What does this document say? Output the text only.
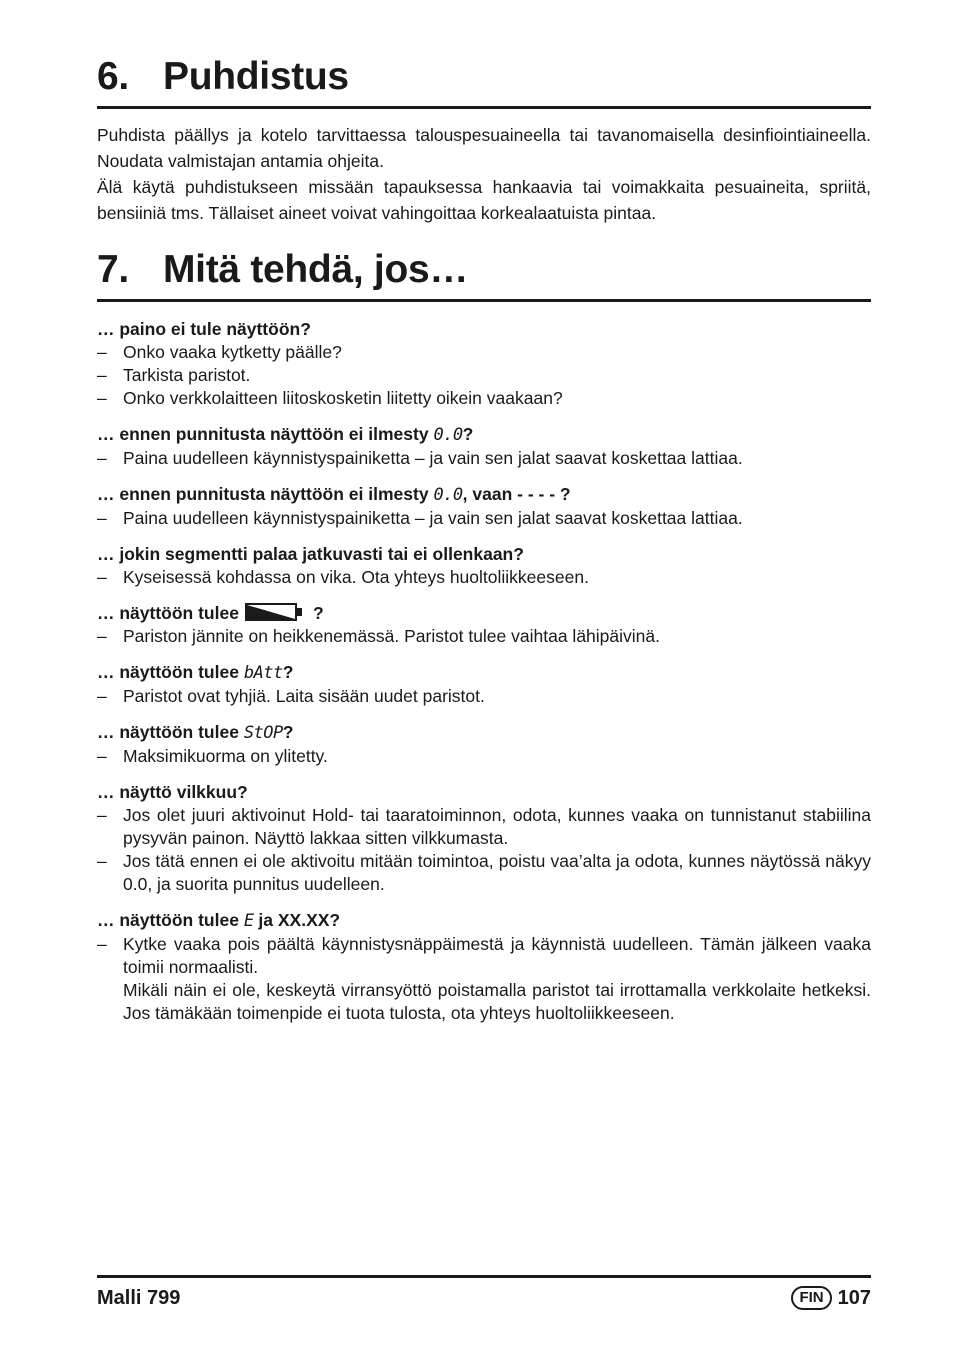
6. Puhdistus

Puhdista päällys ja kotelo tarvittaessa talouspesuaineella tai tavanomaisella desinfiointiaineella. Noudata valmistajan antamia ohjeita.

Älä käytä puhdistukseen missään tapauksessa hankaavia tai voimakkaita pesuaineita, spriitä, bensiiniä tms. Tällaiset aineet voivat vahingoittaa korkealaatuista pintaa.

7. Mitä tehdä, jos…
… paino ei tule näyttöön?
– Onko vaaka kytketty päälle?
– Tarkista paristot.
– Onko verkkolaitteen liitoskosketin liitetty oikein vaakaan?
… ennen punnitusta näyttöön ei ilmesty 0.0?
– Paina uudelleen käynnistyspainiketta – ja vain sen jalat saavat koskettaa lattiaa.
… ennen punnitusta näyttöön ei ilmesty 0.0, vaan - - - - ?
– Paina uudelleen käynnistyspainiketta – ja vain sen jalat saavat koskettaa lattiaa.
… jokin segmentti palaa jatkuvasti tai ei ollenkaan?
– Kyseisessä kohdassa on vika. Ota yhteys huoltoliikkeeseen.
… näyttöön tulee	?
– Pariston jännite on heikkenemässä. Paristot tulee vaihtaa lähipäivinä.
… näyttöön tulee bAtt?
– Paristot ovat tyhjiä. Laita sisään uudet paristot.
… näyttöön tulee StOP?
– Maksimikuorma on ylitetty.
… näyttö vilkkuu?
– Jos olet juuri aktivoinut Hold- tai taaratoiminnon, odota, kunnes vaaka on tunnistanut stabiilina pysyvän painon. Näyttö lakkaa sitten vilkkumasta.
– Jos tätä ennen ei ole aktivoitu mitään toimintoa, poistu vaa’alta ja odota, kunnes näytössä näkyy 0.0, ja suorita punnitus uudelleen.
… näyttöön tulee E ja XX.XX?
– Kytke vaaka pois päältä käynnistysnäppäimestä ja käynnistä uudelleen. Tämän jälkeen vaaka toimii normaalisti.
Mikäli näin ei ole, keskeytä virransyöttö poistamalla paristot tai irrottamalla verkkolaite hetkeksi. Jos tämäkään toimenpide ei tuota tulosta, ota yhteys huoltoliikkeeseen.
Malli 799	FIN 107
